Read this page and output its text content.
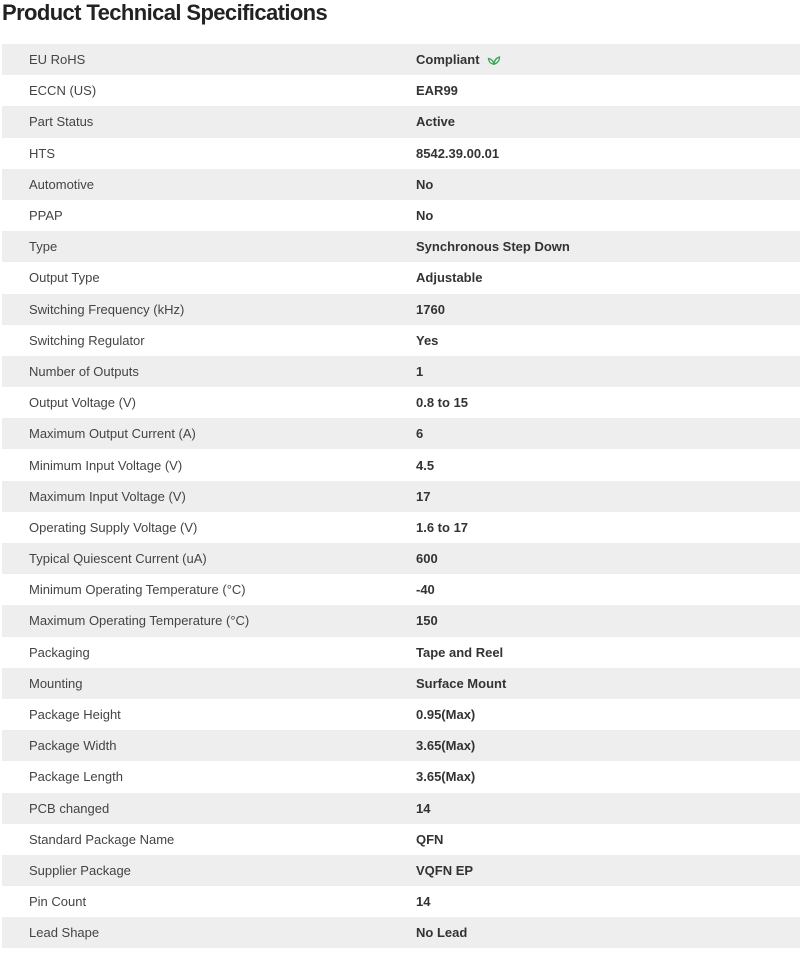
Product Technical Specifications
EU RoHS	Compliant
ECCN (US)	EAR99
Part Status	Active
HTS	8542.39.00.01
Automotive	No
PPAP	No
Type	Synchronous Step Down
Output Type	Adjustable
Switching Frequency (kHz)	1760
Switching Regulator	Yes
Number of Outputs	1
Output Voltage (V)	0.8 to 15
Maximum Output Current (A)	6
Minimum Input Voltage (V)	4.5
Maximum Input Voltage (V)	17
Operating Supply Voltage (V)	1.6 to 17
Typical Quiescent Current (uA)	600
Minimum Operating Temperature (°C)	-40
Maximum Operating Temperature (°C)	150
Packaging	Tape and Reel
Mounting	Surface Mount
Package Height	0.95(Max)
Package Width	3.65(Max)
Package Length	3.65(Max)
PCB changed	14
Standard Package Name	QFN
Supplier Package	VQFN EP
Pin Count	14
Lead Shape	No Lead
